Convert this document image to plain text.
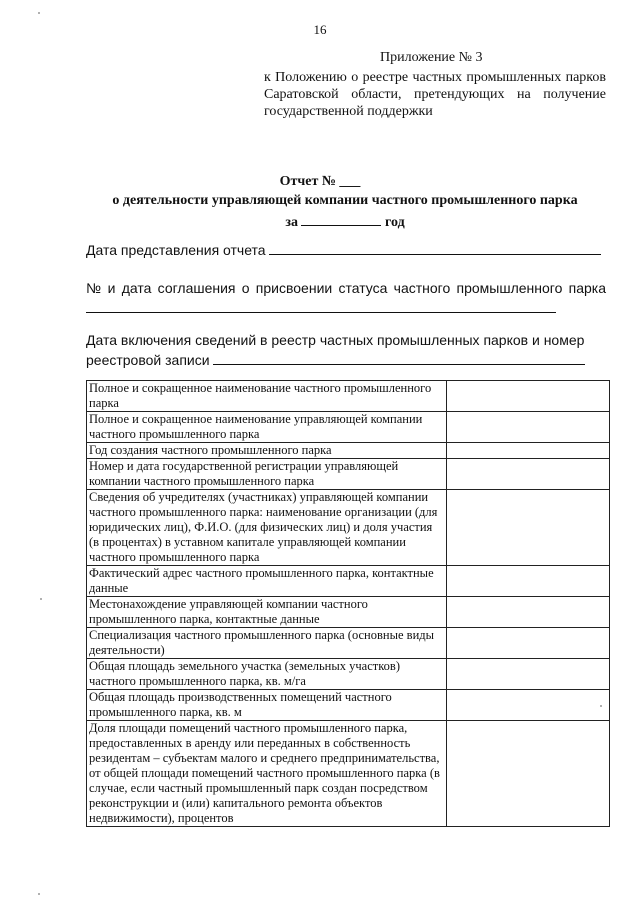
16
Приложение № 3
к Положению о реестре частных промышленных парков Саратовской области, претендующих на получение государственной поддержки
Отчет № ___
о деятельности управляющей компании частного промышленного парка
за	год
Дата представления отчета
№ и дата соглашения о присвоении статуса частного промышленного парка
Дата включения сведений в реестр частных промышленных парков и номер реестровой записи
Полное и сокращенное наименование частного промышленного парка	
Полное и сокращенное наименование управляющей компании частного промышленного парка	
Год создания частного промышленного парка	
Номер и дата государственной регистрации управляющей компании частного промышленного парка	
Сведения об учредителях (участниках) управляющей компании частного промышленного парка: наименование организации (для юридических лиц), Ф.И.О. (для физических лиц) и доля участия (в процентах) в уставном капитале управляющей компании частного промышленного парка	
Фактический адрес частного промышленного парка, контактные данные	
Местонахождение управляющей компании частного промышленного парка, контактные данные	
Специализация частного промышленного парка (основные виды деятельности)	
Общая площадь земельного участка (земельных участков) частного промышленного парка, кв. м/га	
Общая площадь производственных помещений частного промышленного парка, кв. м	
Доля площади помещений частного промышленного парка, предоставленных в аренду или переданных в собственность резидентам – субъектам малого и среднего предпринимательства, от общей площади помещений частного промышленного парка (в случае, если частный промышленный парк создан посредством реконструкции и (или) капитального ремонта объектов недвижимости), процентов	
